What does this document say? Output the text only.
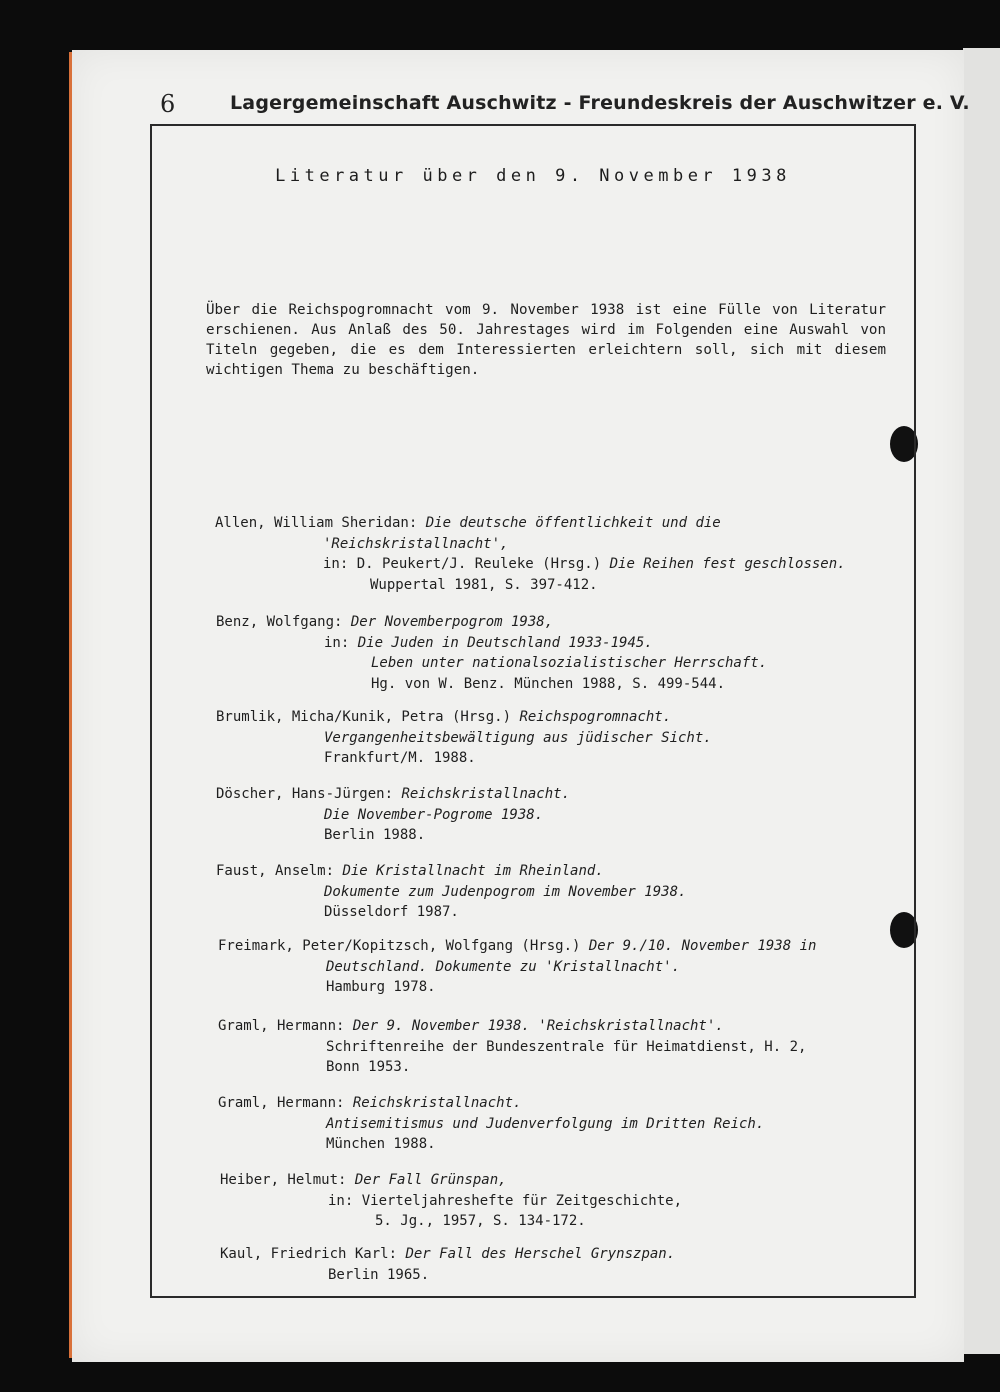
6	Lagergemeinschaft Auschwitz - Freundeskreis der Auschwitzer e. V.
Literatur über den 9. November 1938
Über die Reichspogromnacht vom 9. November 1938 ist eine Fülle von Literatur erschienen. Aus Anlaß des 50. Jahrestages wird im Folgenden eine Auswahl von Titeln gegeben, die es dem Interessierten erleichtern soll, sich mit diesem wichtigen Thema zu beschäftigen.
Allen, William Sheridan: Die deutsche öffentlichkeit und die
'Reichskristallnacht',
in: D. Peukert/J. Reuleke (Hrsg.) Die Reihen fest geschlossen.
Wuppertal 1981, S. 397-412.
Benz, Wolfgang: Der Novemberpogrom 1938,
in: Die Juden in Deutschland 1933-1945.
Leben unter nationalsozialistischer Herrschaft.
Hg. von W. Benz. München 1988, S. 499-544.
Brumlik, Micha/Kunik, Petra (Hrsg.) Reichspogromnacht.
Vergangenheitsbewältigung aus jüdischer Sicht.
Frankfurt/M. 1988.
Döscher, Hans-Jürgen: Reichskristallnacht.
Die November-Pogrome 1938.
Berlin 1988.
Faust, Anselm: Die Kristallnacht im Rheinland.
Dokumente zum Judenpogrom im November 1938.
Düsseldorf 1987.
Freimark, Peter/Kopitzsch, Wolfgang (Hrsg.) Der 9./10. November 1938 in
Deutschland. Dokumente zu 'Kristallnacht'.
Hamburg 1978.
Graml, Hermann: Der 9. November 1938. 'Reichskristallnacht'.
Schriftenreihe der Bundeszentrale für Heimatdienst, H. 2,
Bonn 1953.
Graml, Hermann: Reichskristallnacht.
Antisemitismus und Judenverfolgung im Dritten Reich.
München 1988.
Heiber, Helmut: Der Fall Grünspan,
in: Vierteljahreshefte für Zeitgeschichte,
5. Jg., 1957, S. 134-172.
Kaul, Friedrich Karl: Der Fall des Herschel Grynszpan.
Berlin 1965.
